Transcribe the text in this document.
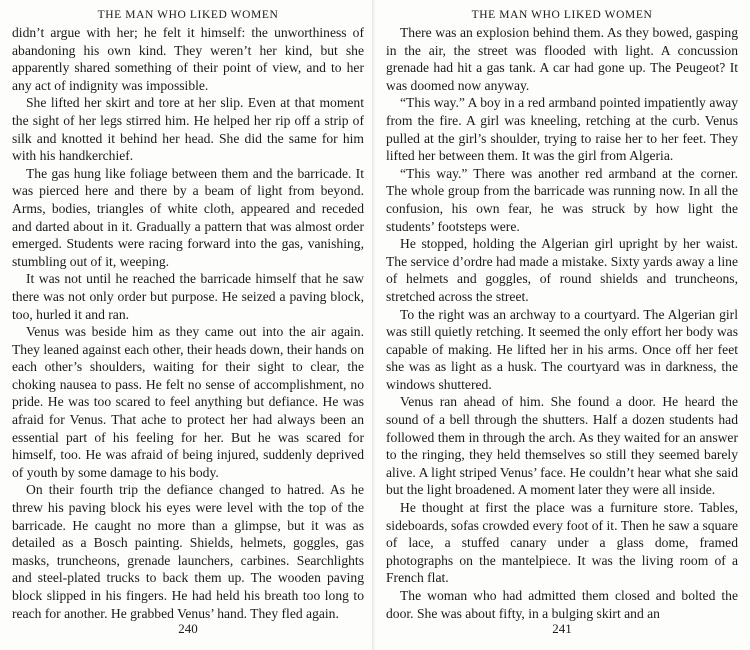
THE MAN WHO LIKED WOMEN

didn’t argue with her; he felt it himself: the unworthiness of abandoning his own kind. They weren’t her kind, but she apparently shared something of their point of view, and to her any act of indignity was impossible.

She lifted her skirt and tore at her slip. Even at that moment the sight of her legs stirred him. He helped her rip off a strip of silk and knotted it behind her head. She did the same for him with his handkerchief.

The gas hung like foliage between them and the barricade. It was pierced here and there by a beam of light from beyond. Arms, bodies, triangles of white cloth, appeared and receded and darted about in it. Gradually a pattern that was almost order emerged. Students were racing forward into the gas, vanishing, stumbling out of it, weeping.

It was not until he reached the barricade himself that he saw there was not only order but purpose. He seized a paving block, too, hurled it and ran.

Venus was beside him as they came out into the air again. They leaned against each other, their heads down, their hands on each other’s shoulders, waiting for their sight to clear, the choking nausea to pass. He felt no sense of accomplishment, no pride. He was too scared to feel anything but defiance. He was afraid for Venus. That ache to protect her had always been an essential part of his feeling for her. But he was scared for himself, too. He was afraid of being injured, suddenly deprived of youth by some damage to his body.

On their fourth trip the defiance changed to hatred. As he threw his paving block his eyes were level with the top of the barricade. He caught no more than a glimpse, but it was as detailed as a Bosch painting. Shields, helmets, goggles, gas masks, truncheons, grenade launchers, carbines. Searchlights and steel-plated trucks to back them up. The wooden paving block slipped in his fingers. He had held his breath too long to reach for another. He grabbed Venus’ hand. They fled again.

240
THE MAN WHO LIKED WOMEN

There was an explosion behind them. As they bowed, gasping in the air, the street was flooded with light. A concussion grenade had hit a gas tank. A car had gone up. The Peugeot? It was doomed now anyway.

“This way.” A boy in a red armband pointed impatiently away from the fire. A girl was kneeling, retching at the curb. Venus pulled at the girl’s shoulder, trying to raise her to her feet. They lifted her between them. It was the girl from Algeria.

“This way.” There was another red armband at the corner. The whole group from the barricade was running now. In all the confusion, his own fear, he was struck by how light the students’ footsteps were.

He stopped, holding the Algerian girl upright by her waist. The service d’ordre had made a mistake. Sixty yards away a line of helmets and goggles, of round shields and truncheons, stretched across the street.

To the right was an archway to a courtyard. The Algerian girl was still quietly retching. It seemed the only effort her body was capable of making. He lifted her in his arms. Once off her feet she was as light as a husk. The courtyard was in darkness, the windows shuttered.

Venus ran ahead of him. She found a door. He heard the sound of a bell through the shutters. Half a dozen students had followed them in through the arch. As they waited for an answer to the ringing, they held themselves so still they seemed barely alive. A light striped Venus’ face. He couldn’t hear what she said but the light broadened. A moment later they were all inside.

He thought at first the place was a furniture store. Tables, sideboards, sofas crowded every foot of it. Then he saw a square of lace, a stuffed canary under a glass dome, framed photographs on the mantelpiece. It was the living room of a French flat.

The woman who had admitted them closed and bolted the door. She was about fifty, in a bulging skirt and an

241
